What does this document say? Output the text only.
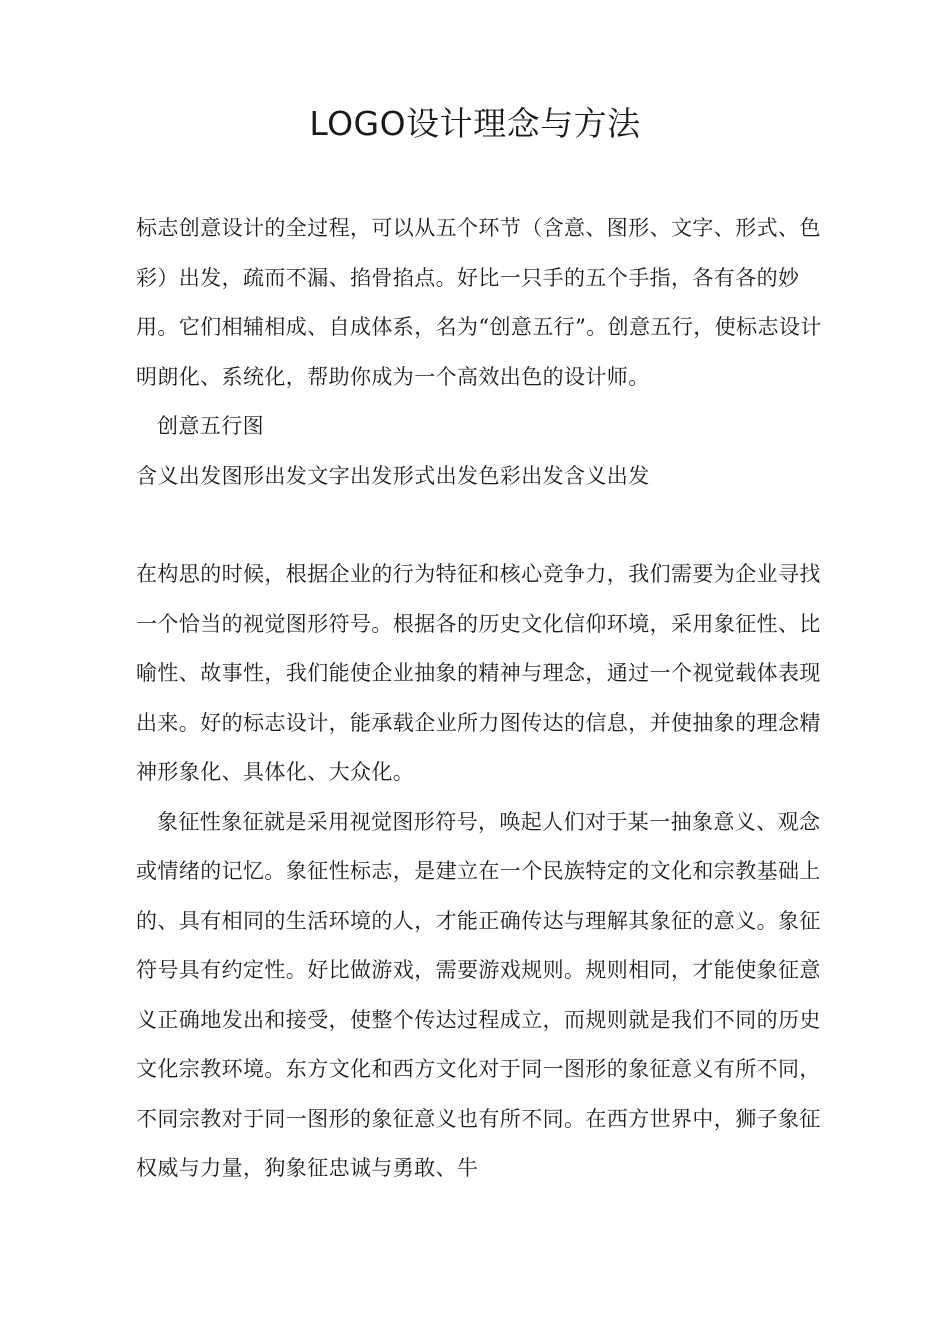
LOGO设计理念与方法

标志创意设计的全过程，可以从五个环节（含意、图形、文字、形式、色彩）出发，疏而不漏、掐骨掐点。好比一只手的五个手指，各有各的妙用。它们相辅相成、自成体系，名为“创意五行”。创意五行，使标志设计明朗化、系统化，帮助你成为一个高效出色的设计师。

创意五行图

含义出发图形出发文字出发形式出发色彩出发含义出发

在构思的时候，根据企业的行为特征和核心竞争力，我们需要为企业寻找一个恰当的视觉图形符号。根据各的历史文化信仰环境，采用象征性、比喻性、故事性，我们能使企业抽象的精神与理念，通过一个视觉载体表现出来。好的标志设计，能承载企业所力图传达的信息，并使抽象的理念精神形象化、具体化、大众化。

象征性象征就是采用视觉图形符号，唤起人们对于某一抽象意义、观念或情绪的记忆。象征性标志，是建立在一个民族特定的文化和宗教基础上的、具有相同的生活环境的人，才能正确传达与理解其象征的意义。象征符号具有约定性。好比做游戏，需要游戏规则。规则相同，才能使象征意义正确地发出和接受，使整个传达过程成立，而规则就是我们不同的历史文化宗教环境。东方文化和西方文化对于同一图形的象征意义有所不同，不同宗教对于同一图形的象征意义也有所不同。在西方世界中，狮子象征权威与力量，狗象征忠诚与勇敢、牛
